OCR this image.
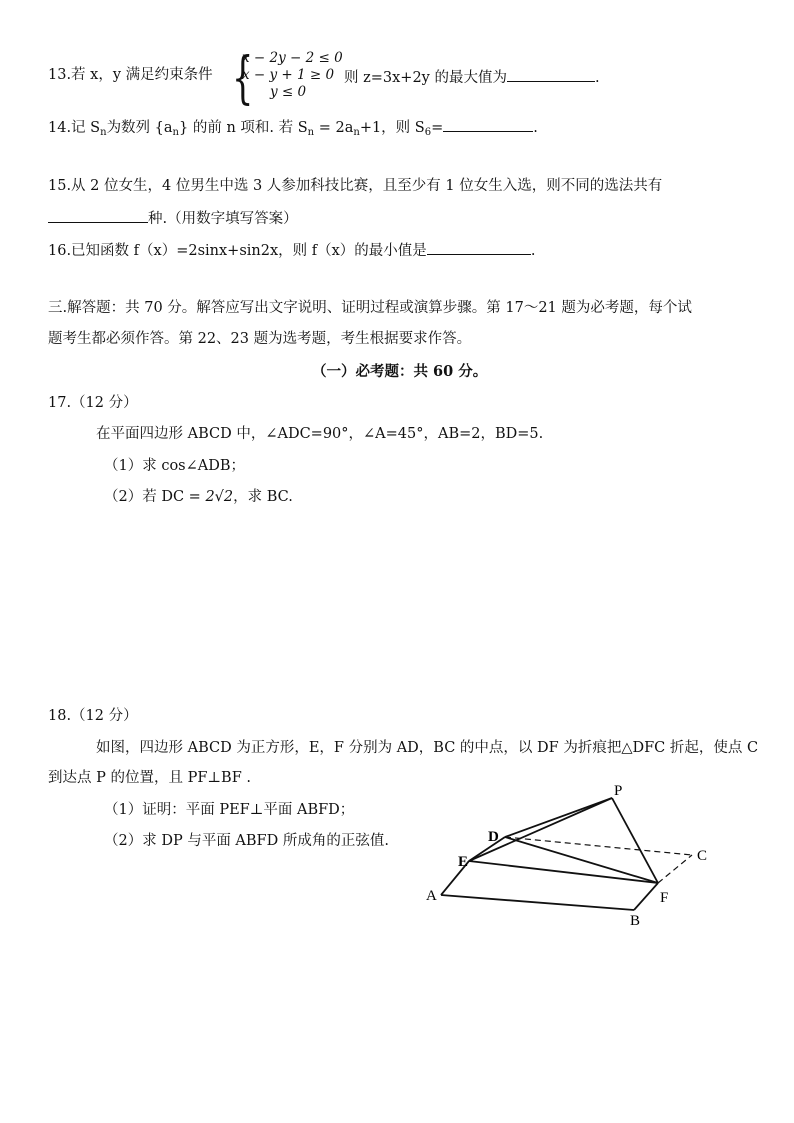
13.若 x，y 满足约束条件 {
x − 2y − 2 ≤ 0
x − y + 1 ≥ 0
y ≤ 0
则 z=3x+2y 的最大值为	.
14.记 $S_n$为数列 $\{a_n\}$ 的前 n 项和. 若 $S_n = 2a_n+1$，则 $S_6=$	.
15.从 2 位女生，4 位男生中选 3 人参加科技比赛，且至少有 1 位女生入选，则不同的选法共有
种.（用数字填写答案）
16.已知函数 f（x）=2sinx+sin2x，则 f（x）的最小值是	.
三.解答题：共 70 分。解答应写出文字说明、证明过程或演算步骤。第 17～21 题为必考题，每个试
题考生都必须作答。第 22、23 题为选考题，考生根据要求作答。
（一）必考题：共 60 分。
17.（12 分）
在平面四边形 ABCD 中，∠ADC=90°，∠A=45°，AB=2，BD=5.
（1）求 cos∠ADB；
（2）若 DC = 2√2，求 BC.
18.（12 分）
如图，四边形 ABCD 为正方形，E，F 分别为 AD，BC 的中点，以 DF 为折痕把△DFC 折起，使点 C
到达点 P 的位置，且 PF⊥BF .
（1）证明：平面 PEF⊥平面 ABFD；
（2）求 DP 与平面 ABFD 所成角的正弦值.
P
D
E	C
F
A
B
